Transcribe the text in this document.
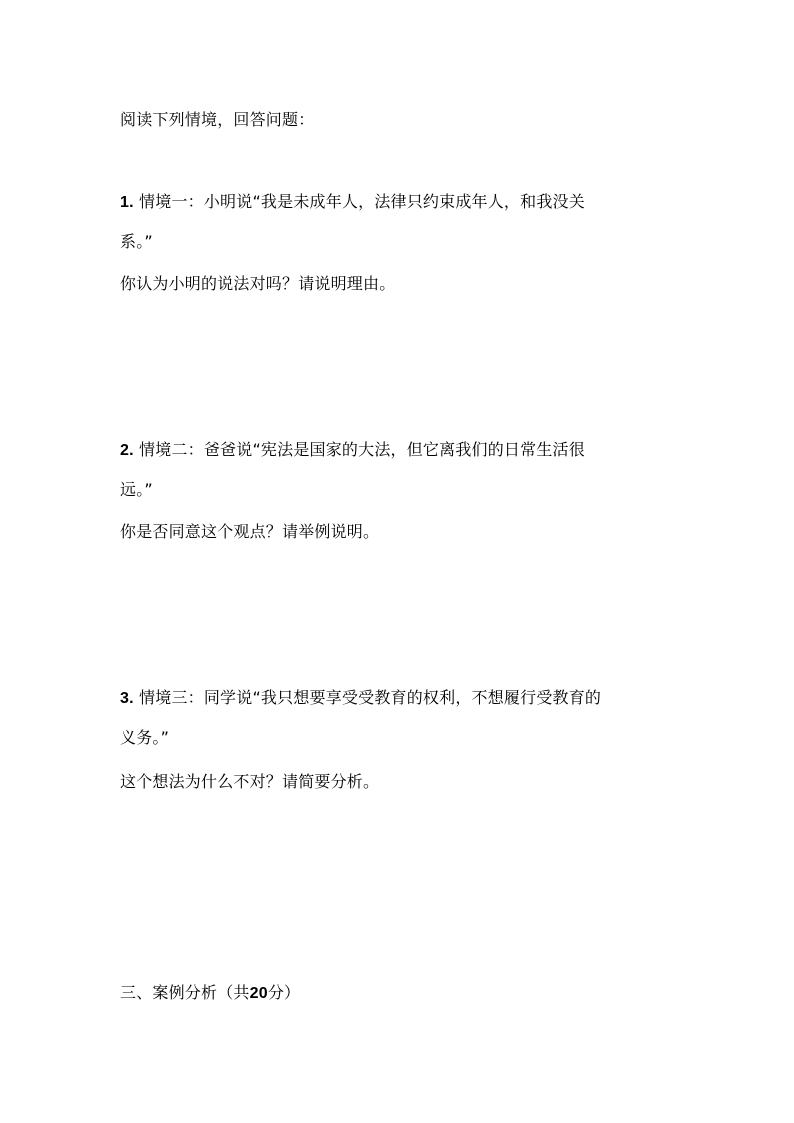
阅读下列情境，回答问题：
1. 情境一：小明说“我是未成年人，法律只约束成年人，和我没关
系。”
你认为小明的说法对吗？请说明理由。
2. 情境二：爸爸说“宪法是国家的大法，但它离我们的日常生活很
远。”
你是否同意这个观点？请举例说明。
3. 情境三：同学说“我只想要享受受教育的权利，不想履行受教育的
义务。”
这个想法为什么不对？请简要分析。
三、案例分析（共20分）
